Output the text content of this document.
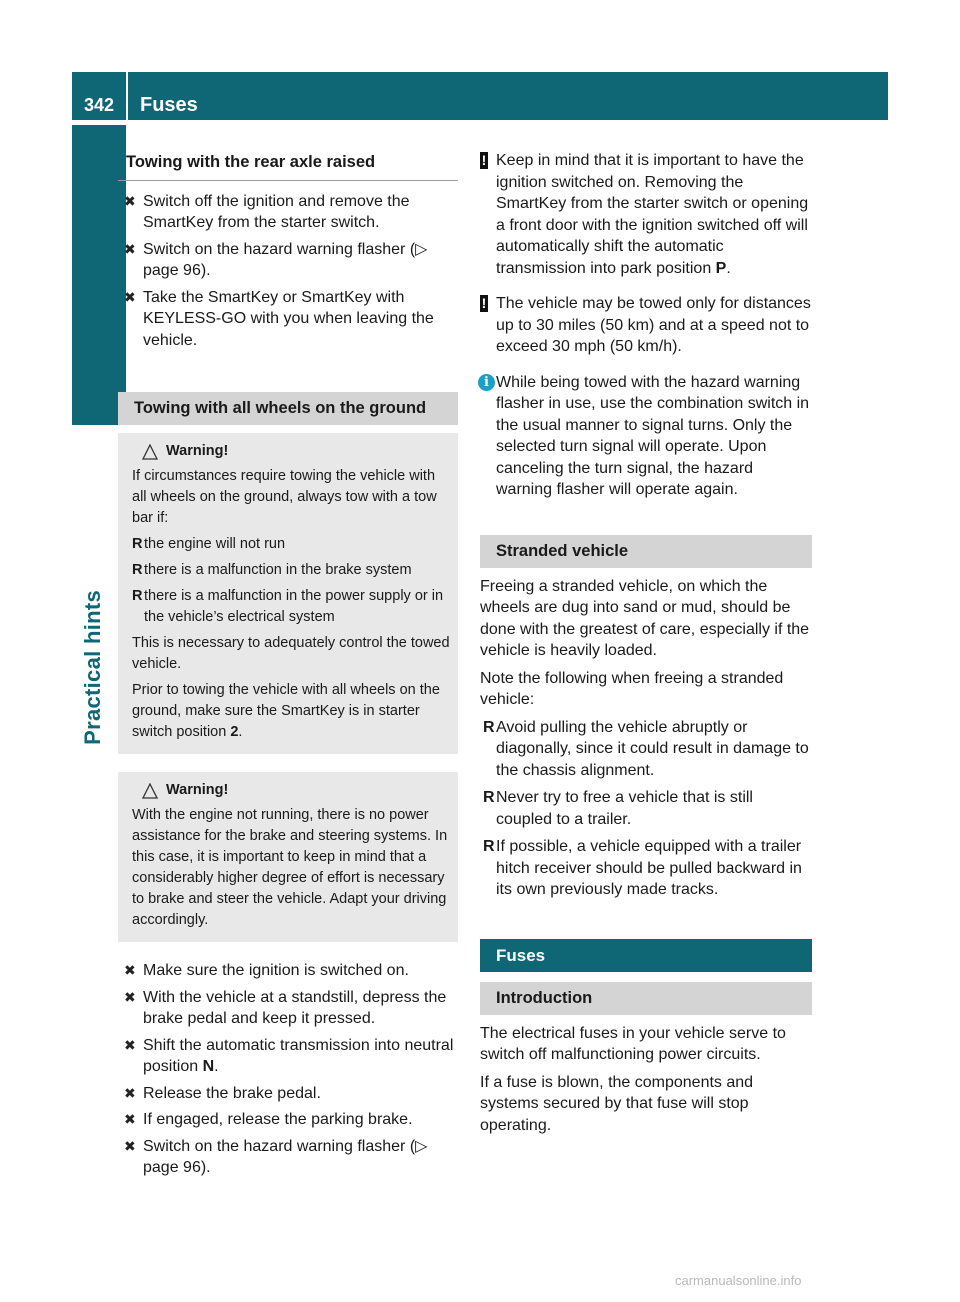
342	Fuses
Practical hints
Towing with the rear axle raised
✖ Switch off the ignition and remove the SmartKey from the starter switch.
✖ Switch on the hazard warning flasher (▷ page 96).
✖ Take the SmartKey or SmartKey with KEYLESS-GO with you when leaving the vehicle.
Towing with all wheels on the ground
Warning!

If circumstances require towing the vehicle with all wheels on the ground, always tow with a tow bar if:

R the engine will not run
R there is a malfunction in the brake system
R there is a malfunction in the power supply or in the vehicle’s electrical system

This is necessary to adequately control the towed vehicle.

Prior to towing the vehicle with all wheels on the ground, make sure the SmartKey is in starter switch position 2.

Warning!

With the engine not running, there is no power assistance for the brake and steering systems. In this case, it is important to keep in mind that a considerably higher degree of effort is necessary to brake and steer the vehicle. Adapt your driving accordingly.

✖ Make sure the ignition is switched on.
✖ With the vehicle at a standstill, depress the brake pedal and keep it pressed.
✖ Shift the automatic transmission into neutral position N.
✖ Release the brake pedal.
✖ If engaged, release the parking brake.
✖ Switch on the hazard warning flasher (▷ page 96).
! Keep in mind that it is important to have the ignition switched on. Removing the SmartKey from the starter switch or opening a front door with the ignition switched off will automatically shift the automatic transmission into park position P.
! The vehicle may be towed only for distances up to 30 miles (50 km) and at a speed not to exceed 30 mph (50 km/h).
i While being towed with the hazard warning flasher in use, use the combination switch in the usual manner to signal turns. Only the selected turn signal will operate. Upon canceling the turn signal, the hazard warning flasher will operate again.
Stranded vehicle

Freeing a stranded vehicle, on which the wheels are dug into sand or mud, should be done with the greatest of care, especially if the vehicle is heavily loaded.

Note the following when freeing a stranded vehicle:

R Avoid pulling the vehicle abruptly or diagonally, since it could result in damage to the chassis alignment.
R Never try to free a vehicle that is still coupled to a trailer.
R If possible, a vehicle equipped with a trailer hitch receiver should be pulled backward in its own previously made tracks.
Fuses
Introduction

The electrical fuses in your vehicle serve to switch off malfunctioning power circuits.

If a fuse is blown, the components and systems secured by that fuse will stop operating.

carmanualsonline.info
